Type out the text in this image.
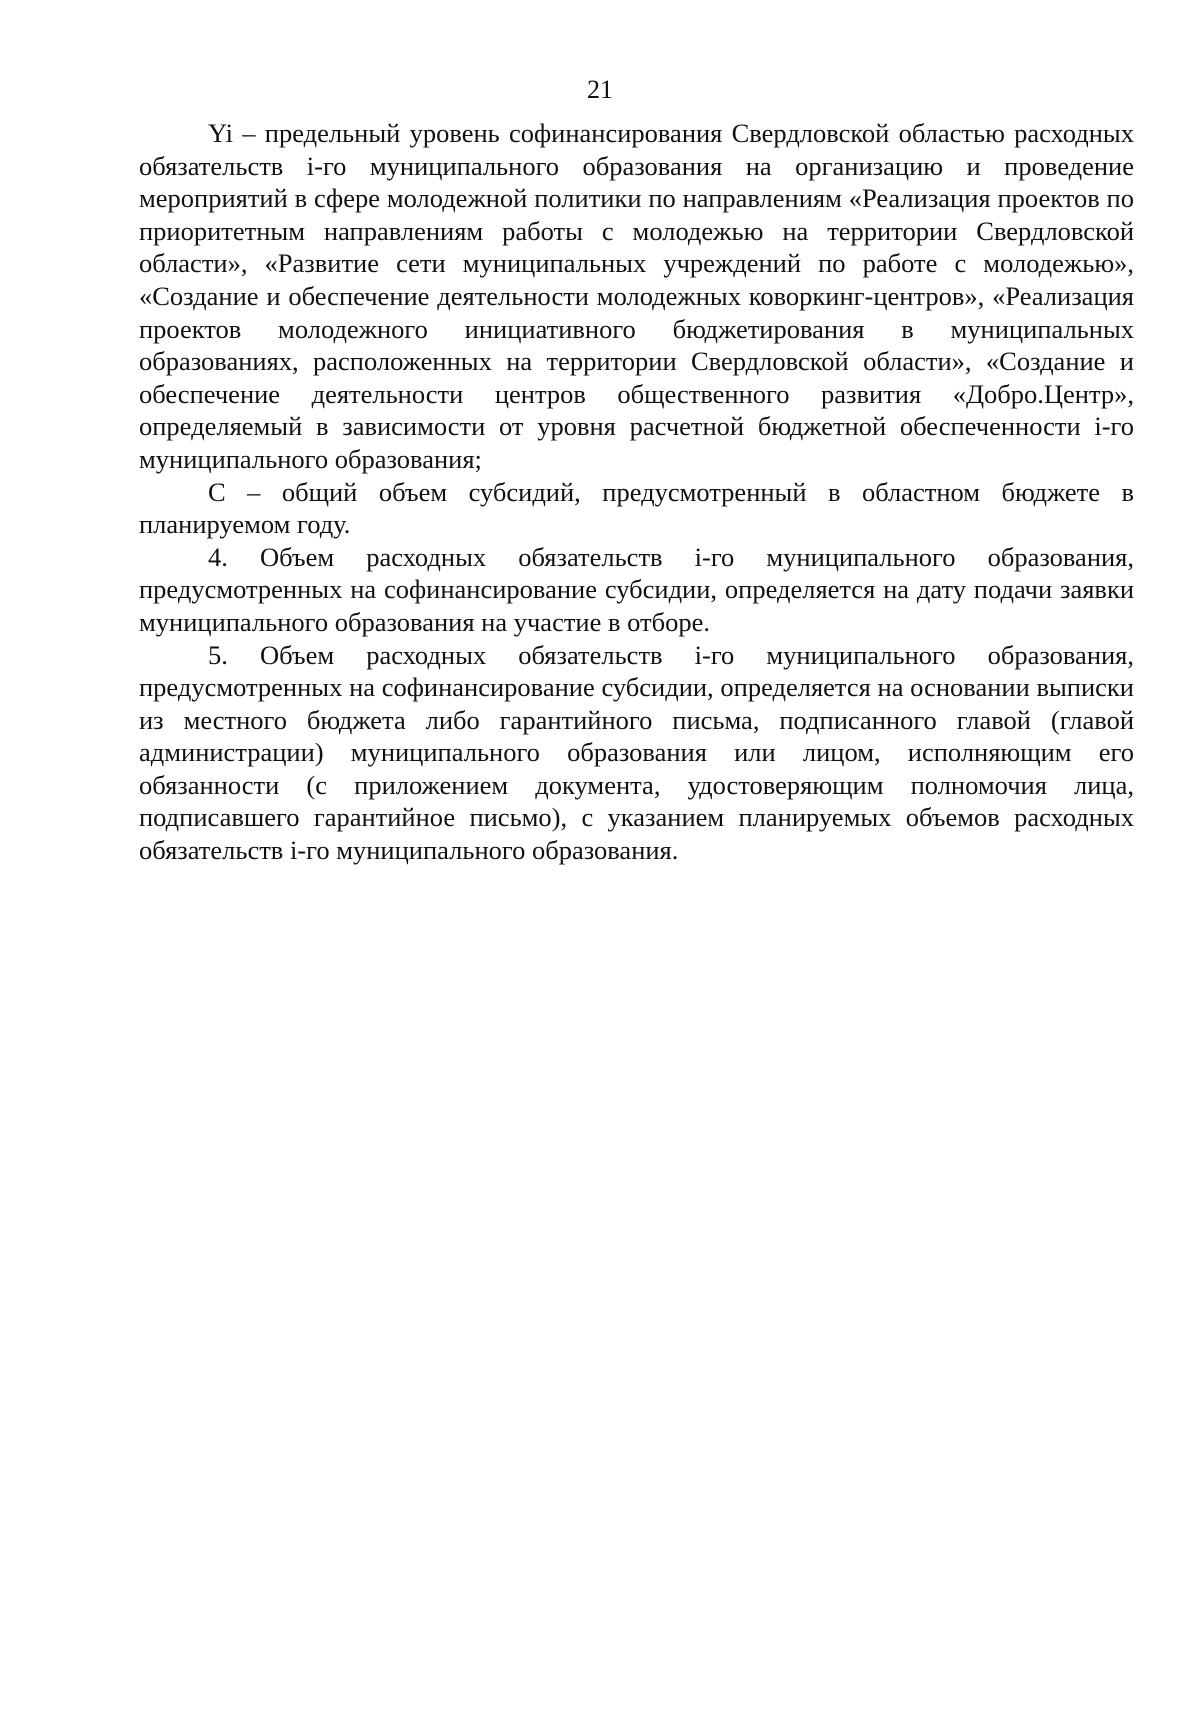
21

Yi – предельный уровень софинансирования Свердловской областью расходных обязательств i-го муниципального образования на организацию и проведение мероприятий в сфере молодежной политики по направлениям «Реализация проектов по приоритетным направлениям работы с молодежью на территории Свердловской области», «Развитие сети муниципальных учреждений по работе с молодежью», «Создание и обеспечение деятельности молодежных коворкинг-центров», «Реализация проектов молодежного инициативного бюджетирования в муниципальных образованиях, расположенных на территории Свердловской области», «Создание и обеспечение деятельности центров общественного развития «Добро.Центр», определяемый в зависимости от уровня расчетной бюджетной обеспеченности i-го муниципального образования;

С – общий объем субсидий, предусмотренный в областном бюджете в планируемом году.

4. Объем расходных обязательств i-го муниципального образования, предусмотренных на софинансирование субсидии, определяется на дату подачи заявки муниципального образования на участие в отборе.

5. Объем расходных обязательств i-го муниципального образования, предусмотренных на софинансирование субсидии, определяется на основании выписки из местного бюджета либо гарантийного письма, подписанного главой (главой администрации) муниципального образования или лицом, исполняющим его обязанности (с приложением документа, удостоверяющим полномочия лица, подписавшего гарантийное письмо), с указанием планируемых объемов расходных обязательств i-го муниципального образования.
